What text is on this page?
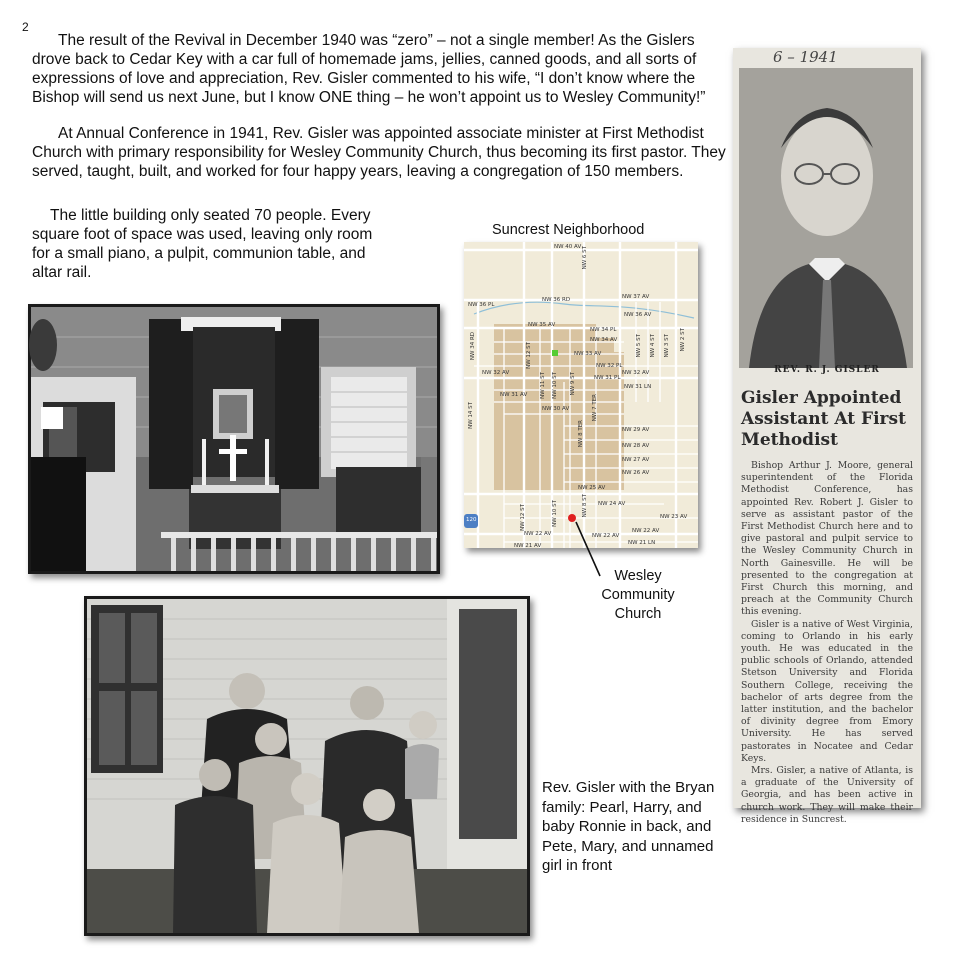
2

The result of the Revival in December 1940 was “zero” – not a single member! As the Gislers drove back to Cedar Key with a car full of homemade jams, jellies, canned goods, and all sorts of expressions of love and appreciation, Rev. Gisler commented to his wife, “I don’t know where the Bishop will send us next June, but I know ONE thing – he won’t appoint us to Wesley Community!”

At Annual Conference in 1941, Rev. Gisler was appointed associate minister at First Methodist Church with primary responsibility for Wesley Community Church, thus becoming its first pastor. They served, taught, built, and worked for four happy years, leaving a congregation of 150 members.

The little building only seated 70 people. Every square foot of space was used, leaving only room for a small piano, a pulpit, communion table, and altar rail.

Suncrest Neighborhood
NW 40 AV
NW 37 AV
NW 36 PL
NW 36 RD
NW 36 AV
NW 35 AV
NW 34 PL
NW 34 AV
NW 33 AV
NW 32 PL
NW 32 AV	NW 32 AV
NW 31 PL
NW 31 LN
NW 31 AV
NW 30 AV
NW 29 AV
NW 28 AV
NW 27 AV
NW 26 AV
NW 25 AV
NW 24 AV
NW 23 AV
NW 22 AV	NW 22 AV
NW 22 AV
NW 21 LN
NW 21 AV
NW 34 RD
NW 14 ST
NW 12 ST
NW 12 ST
NW 11 ST NW 10 ST
NW 10 ST
NW 9 ST
NW 8 TER
NW 8 ST
NW 7 TER
NW 6 ST
NW 5 ST NW 4 ST NW 3 ST NW 2 ST
120
Wesley Community Church
Rev. Gisler with the Bryan family: Pearl, Harry, and baby Ronnie in back, and Pete, Mary, and unnamed girl in front
6 – 1941
REV. R. J. GISLER
Gisler Appointed Assistant At First Methodist

Bishop Arthur J. Moore, general superintendent of the Florida Methodist Conference, has appointed Rev. Robert J. Gisler to serve as assistant pastor of the First Methodist Church here and to give pastoral and pulpit service to the Wesley Community Church in North Gainesville. He will be presented to the congregation at First Church this morning, and preach at the Community Church this evening.

Gisler is a native of West Virginia, coming to Orlando in his early youth. He was educated in the public schools of Orlando, attended Stetson University and Florida Southern College, receiving the bachelor of arts degree from the latter institution, and the bachelor of divinity degree from Emory University. He has served pastorates in Nocatee and Cedar Keys.

Mrs. Gisler, a native of Atlanta, is a graduate of the University of Georgia, and has been active in church work. They will make their residence in Suncrest.
